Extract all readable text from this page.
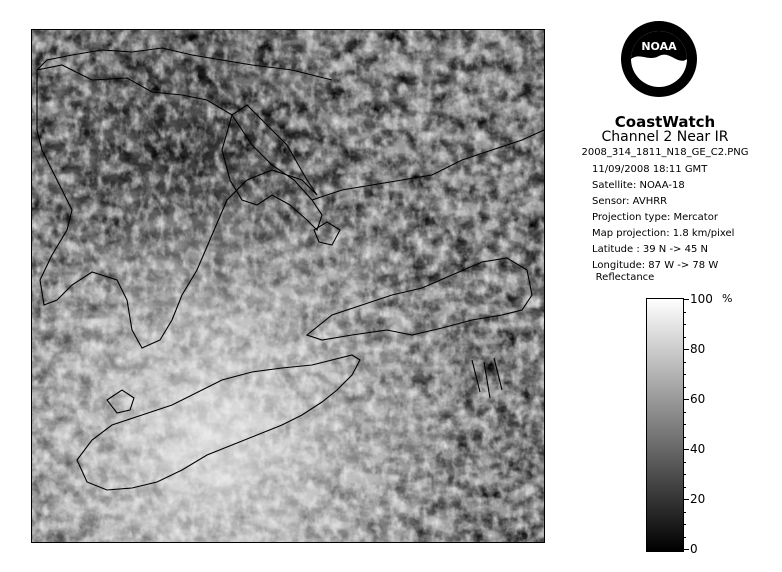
NOAA
CoastWatch
Channel 2 Near IR
2008_314_1811_N18_GE_C2.PNG
11/09/2008 18:11 GMT
Satellite: NOAA-18
Sensor: AVHRR
Projection type: Mercator
Map projection: 1.8 km/pixel
Latitude : 39 N -> 45 N
Longitude: 87 W -> 78 W
Reflectance
%
100
80
60
40
20
0
